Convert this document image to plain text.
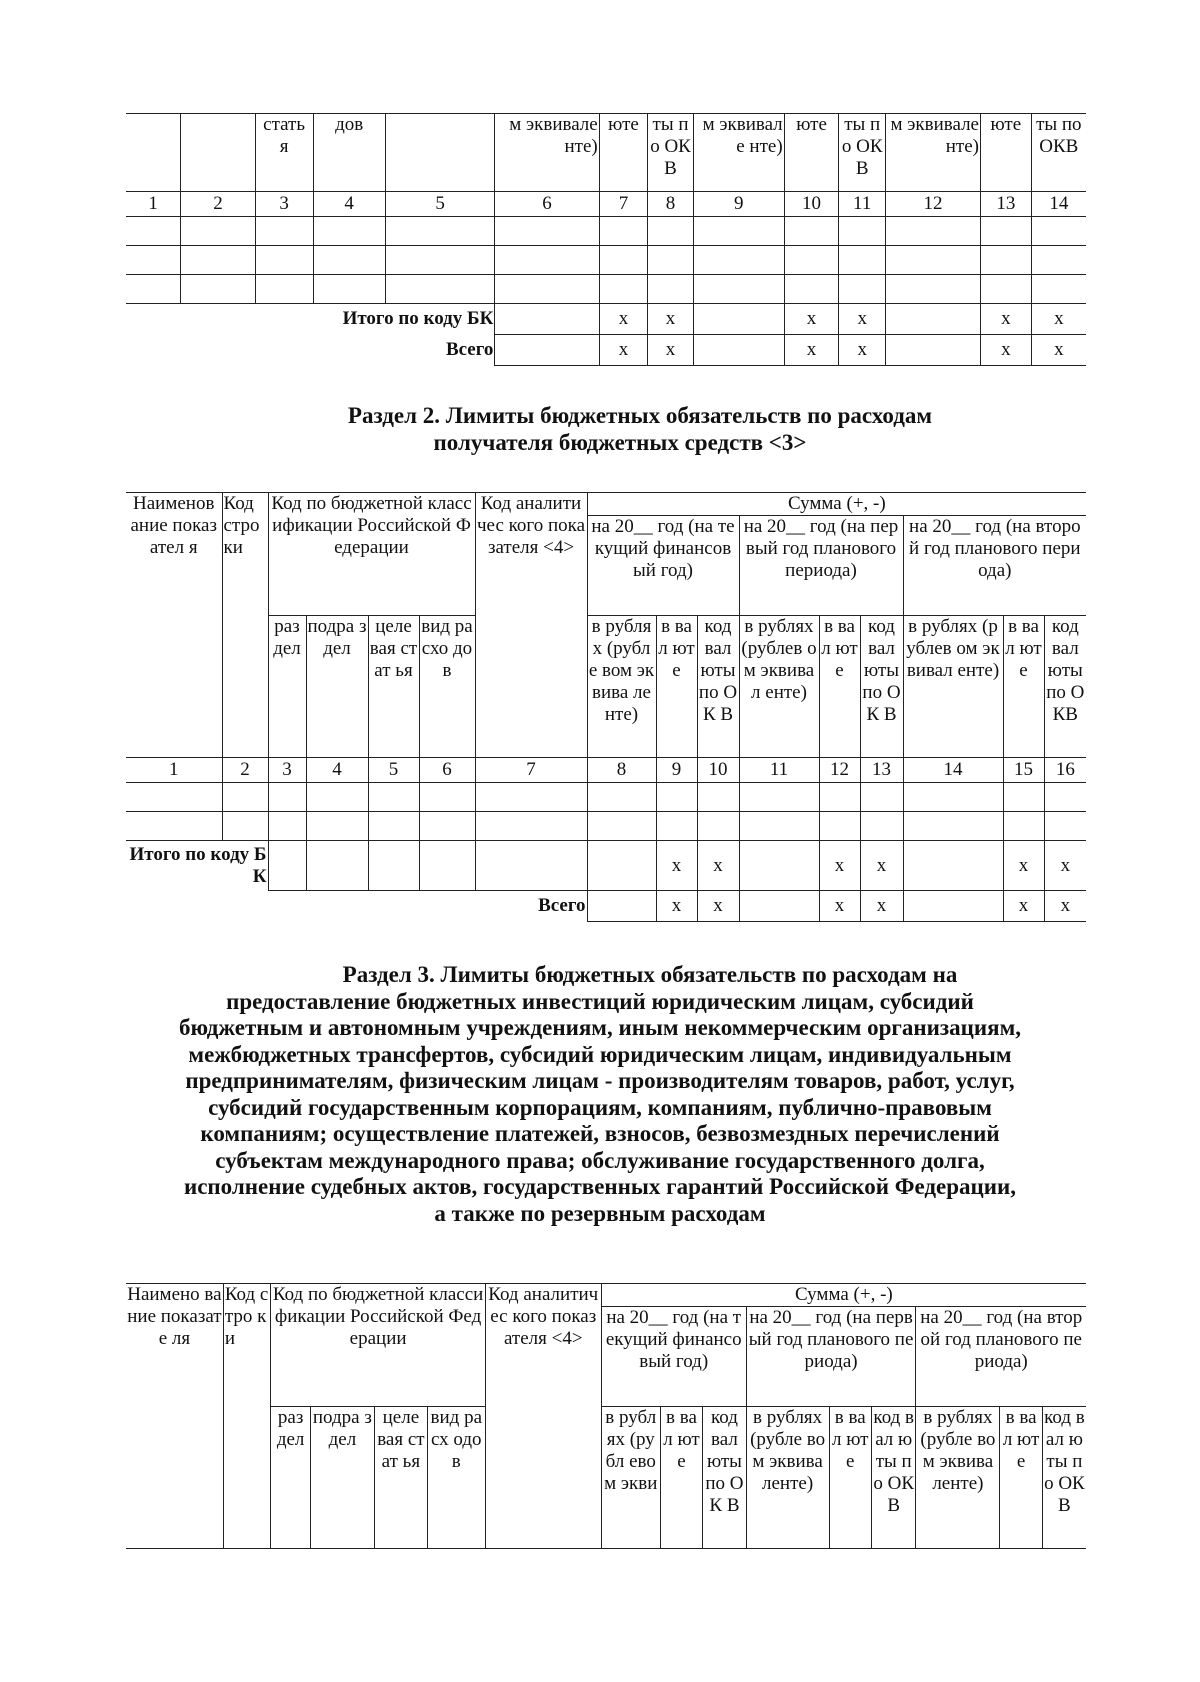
		стать я	дов		м эквивале нте)	юте	ты по ОКВ	м эквивале нте)	юте	ты по ОКВ	м эквивале нте)	юте	ты по ОКВ
1	2	3	4	5	6	7	8	9	10	11	12	13	14

Итого по коду БК						х	х		х	х		х	х
Всего						х	х		х	х		х	х
Раздел 2. Лимиты бюджетных обязательств по расходам
получателя бюджетных средств <3>
Наименов ание показател я	Код стро ки	Код по бюджетной классификации Российской Федерации				Код аналитичес кого показателя <4>	Сумма (+, -)								
							на 20__ год (на текущий финансовый год)			на 20__ год (на первый год планового периода)			на 20__ год (на второй год планового периода)		
		раз дел	подра здел	целе вая стат ья	вид расхо дов		в рублях (рубле вом эквива ленте)	в вал юте	код вал юты по ОК В	в рублях (рублев ом эквивал енте)	в вал юте	код вал юты по ОК В	в рублях (рублев ом эквивал енте)	в вал юте	код вал юты по ОКВ
1	2	3	4	5	6	7	8	9	10	11	12	13	14	15	16

Итого по коду БК								х	х		х	х		х	х
Всего								х	х		х	х		х	х
Раздел 3. Лимиты бюджетных обязательств по расходам на
предоставление бюджетных инвестиций юридическим лицам, субсидий
бюджетным и автономным учреждениям, иным некоммерческим организациям,
межбюджетных трансфертов, субсидий юридическим лицам, индивидуальным
предпринимателям, физическим лицам - производителям товаров, работ, услуг,
субсидий государственным корпорациям, компаниям, публично-правовым
компаниям; осуществление платежей, взносов, безвозмездных перечислений
субъектам международного права; обслуживание государственного долга,
исполнение судебных актов, государственных гарантий Российской Федерации,
а также по резервным расходам
Наимено вание показате ля	Код стро ки	Код по бюджетной классификации Российской Федерации				Код аналитичес кого показателя <4>	Сумма (+, -)								
							на 20__ год (на текущий финансовый год)			на 20__ год (на первый год планового периода)			на 20__ год (на второй год планового периода)		
		раз дел	подра здел	целе вая стат ья	вид расх одов		в рубл ях (рубл евом экви	в вал юте	код вал юты по ОК В	в рублях (рубле вом эквива ленте)	в вал юте	код вал юты по ОК В	в рублях (рубле вом эквива ленте)	в вал юте	код вал юты по ОК В
